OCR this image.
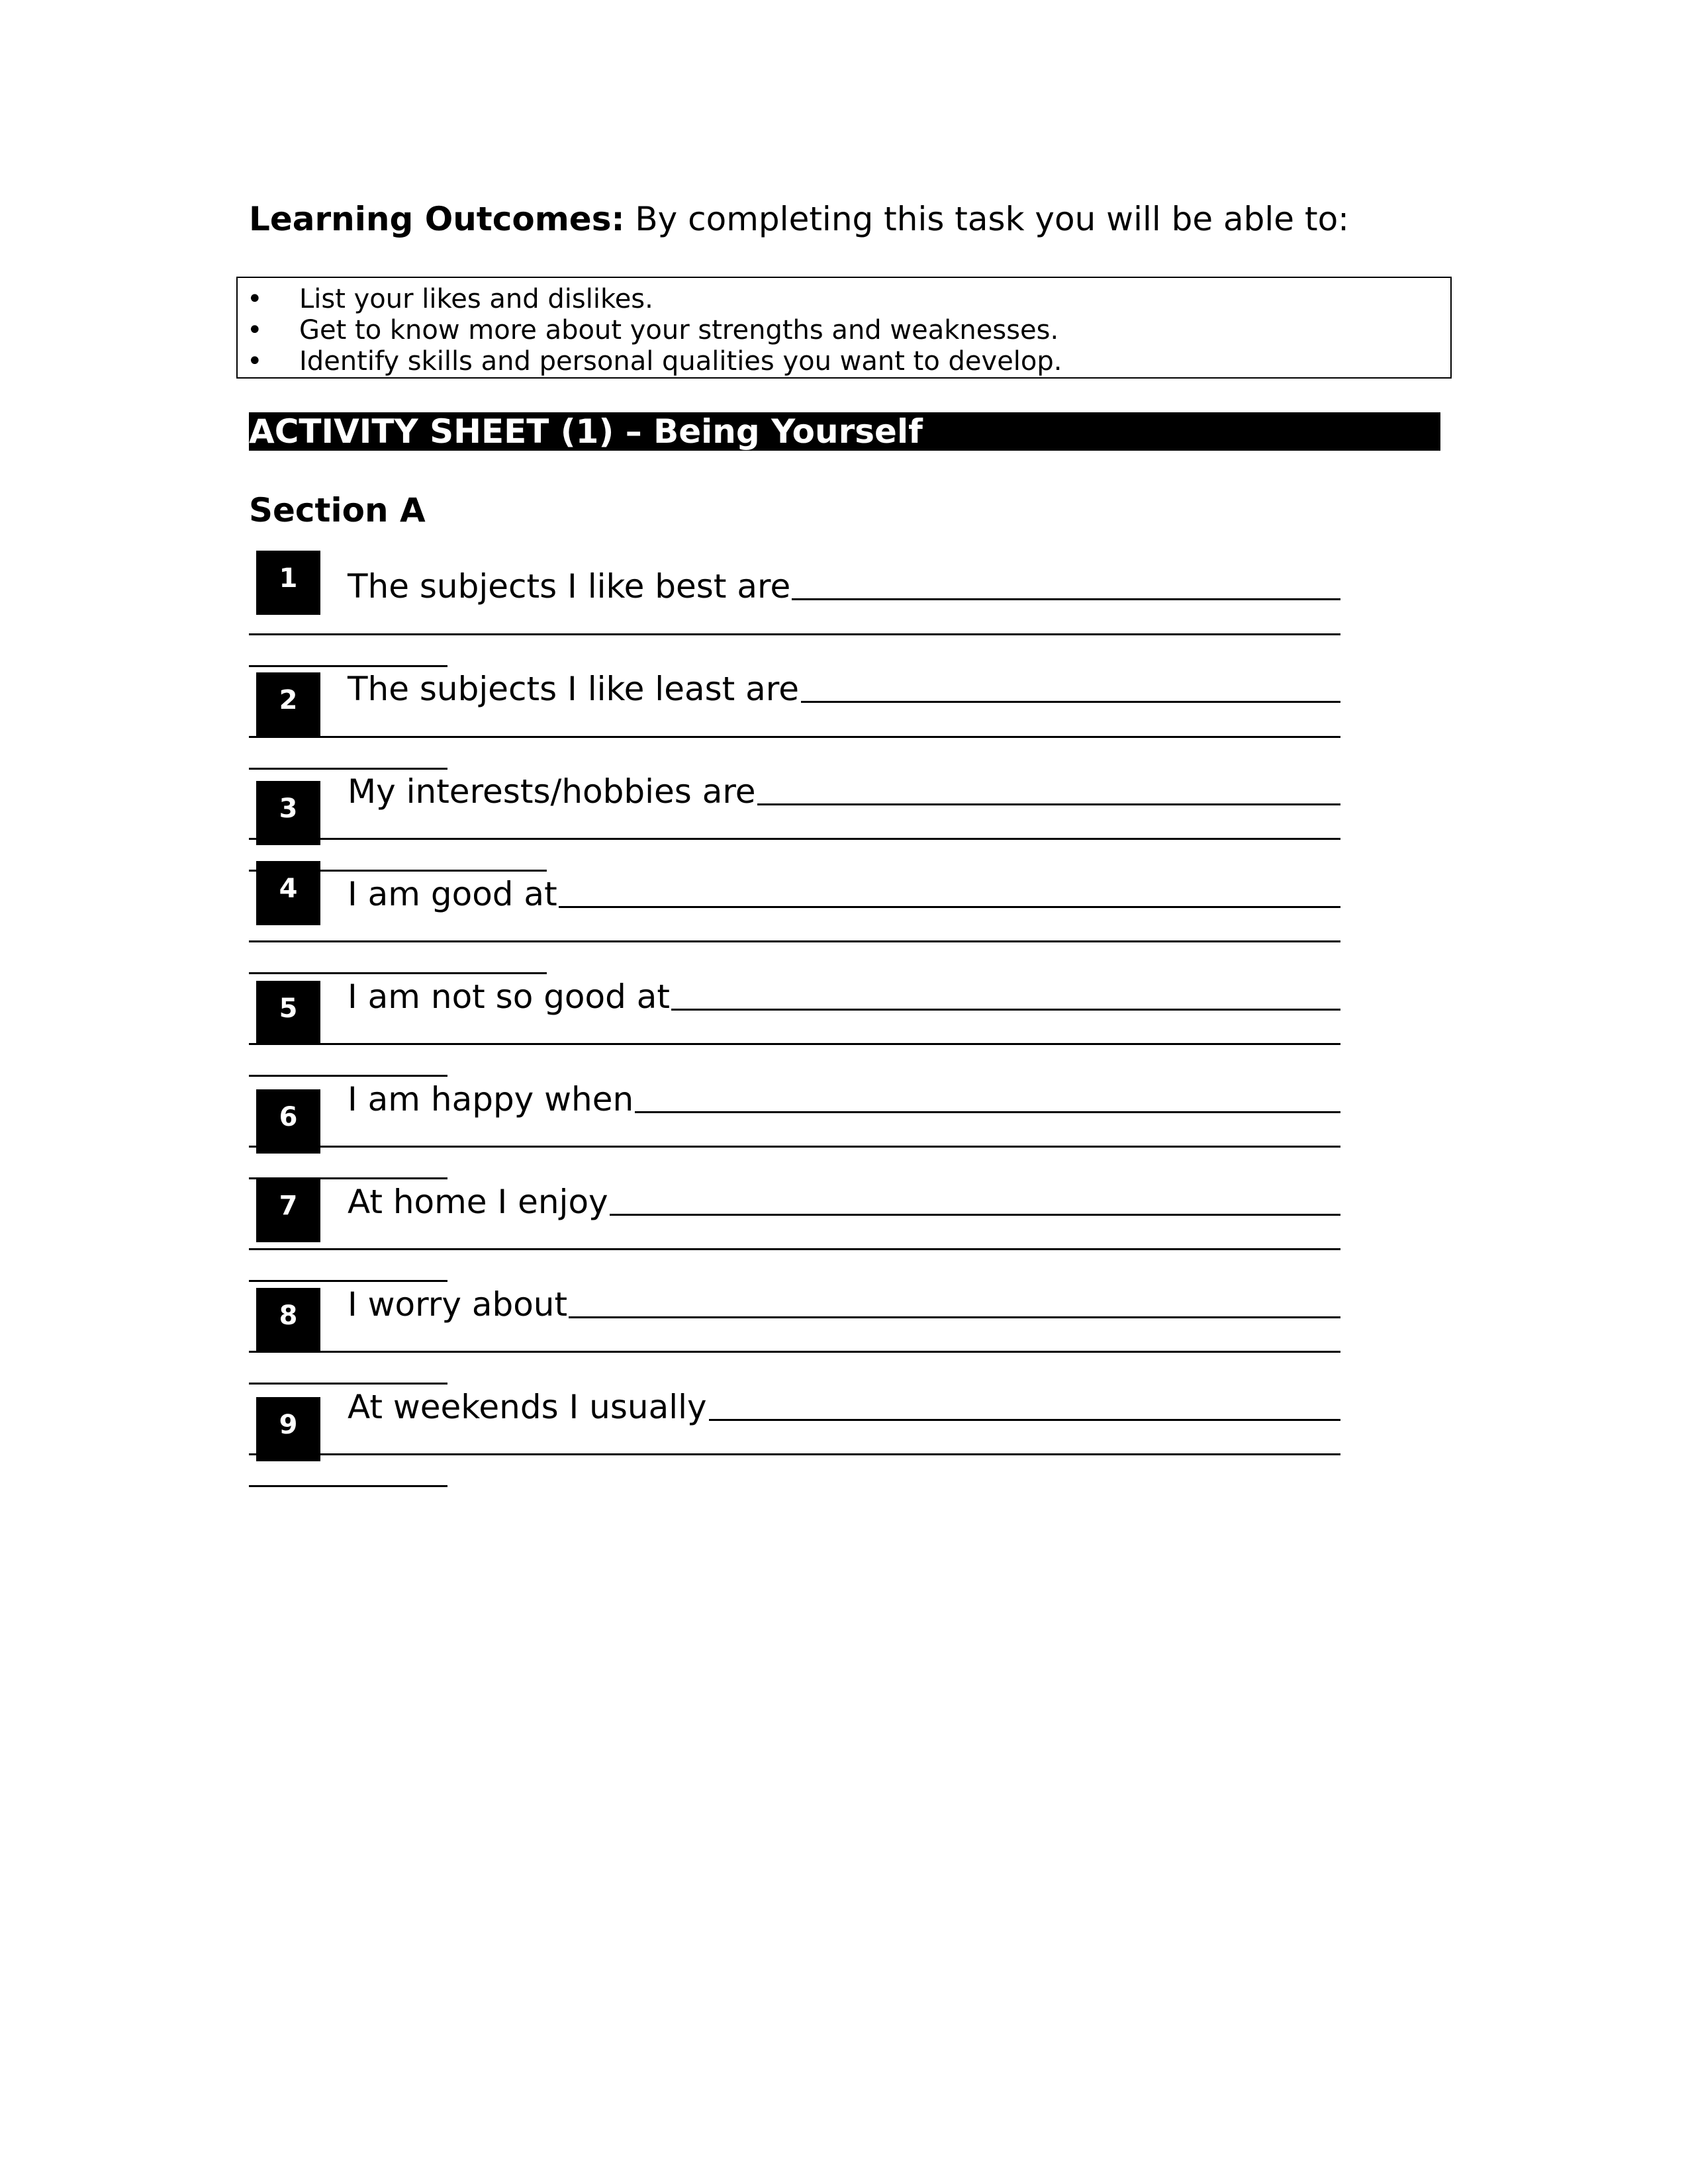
Learning Outcomes: By completing this task you will be able to:
• List your likes and dislikes.
• Get to know more about your strengths and weaknesses.
• Identify skills and personal qualities you want to develop.
ACTIVITY SHEET (1) – Being Yourself
Section A
The subjects I like best are
1
The subjects I like least are
2
My interests/hobbies are
3
I am good at
4
I am not so good at
5
I am happy when
6
At home I enjoy
7
I worry about
8
At weekends I usually
9
